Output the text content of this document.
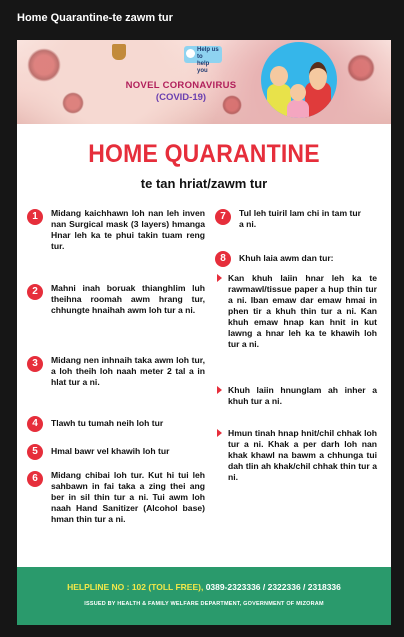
Home Quarantine-te zawm tur
Help us to
help you
NOVEL CORONAVIRUS
(COVID-19)
HOME QUARANTINE
te tan hriat/zawm tur
1	Midang kaichhawn loh nan leh inven nan Surgical mask (3 layers) hmanga Hnar leh ka te phui takin tuam reng tur.
2	Mahni inah boruak thianghlim luh theihna roomah awm hrang tur, chhungte hnaihah awm loh tur a ni.
3	Midang nen inhnaih taka awm loh tur, a loh theih loh naah meter 2 tal a in hlat tur a ni.
4	Tlawh tu tumah neih loh tur
5	Hmal bawr vel khawih loh tur
6	Midang chibai loh tur. Kut hi tui leh sahbawn in fai taka a zing thei ang ber in sil thin tur a ni. Tui awm loh naah Hand Sanitizer (Alcohol base) hman thin tur a ni.
7	Tul leh tuiril lam chi in tam tur a ni.
8	Khuh laia awm dan tur:
Kan khuh laiin hnar leh ka te rawmawl/tissue paper a hup thin tur a ni. Iban emaw dar emaw hmai in phen tir a khuh thin tur a ni. Kan khuh emaw hnap kan hnit in kut lawng a hnar leh ka te khawih loh tur a ni.
Khuh laiin hnunglam ah inher a khuh tur a ni.
Hmun tinah hnap hnit/chil chhak loh tur a ni. Khak a per darh loh nan khak khawl na bawm a chhunga tui dah tlin ah khak/chil chhak thin tur a ni.
HELPLINE NO : 102 (TOLL FREE), 0389-2323336 / 2322336 / 2318336
ISSUED BY HEALTH & FAMILY WELFARE DEPARTMENT, GOVERNMENT OF MIZORAM
